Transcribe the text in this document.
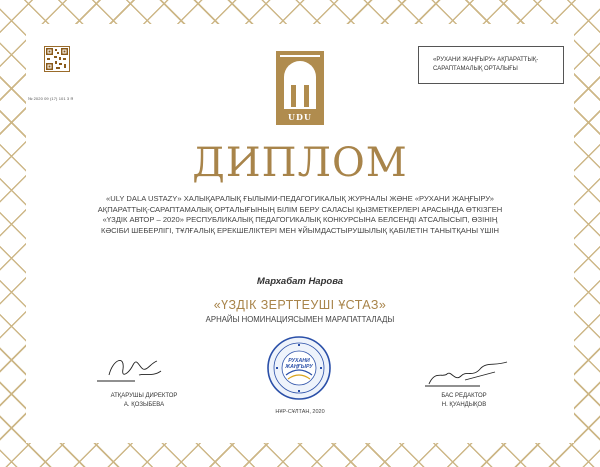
№ 2020 09 (17) 101 3 Я
UDU
«РУХАНИ ЖАҢҒЫРУ» АҚПАРАТТЫҚ-САРАПТАМАЛЫҚ ОРТАЛЫҒЫ
ДИПЛОМ
«ULY DALA USTAZY» ХАЛЫҚАРАЛЫҚ ҒЫЛЫМИ-ПЕДАГОГИКАЛЫҚ ЖУРНАЛЫ ЖӘНЕ «РУХАНИ ЖАҢҒЫРУ» АҚПАРАТТЫҚ-САРАПТАМАЛЫҚ ОРТАЛЫҒЫНЫҢ БІЛІМ БЕРУ САЛАСЫ ҚЫЗМЕТКЕРЛЕРІ АРАСЫНДА ӨТКІЗГЕН «ҮЗДІК АВТОР – 2020» РЕСПУБЛИКАЛЫҚ ПЕДАГОГИКАЛЫҚ КОНКУРСЫНА БЕЛСЕНДІ АТСАЛЫСЫП, ӨЗІНІҢ КӘСІБИ ШЕБЕРЛІГІ, ТҰЛҒАЛЫҚ ЕРЕКШЕЛІКТЕРІ МЕН ҰЙЫМДАСТЫРУШЫЛЫҚ ҚАБІЛЕТІН ТАНЫТҚАНЫ ҮШІН
Мархабат Нарова
«ҮЗДІК ЗЕРТТЕУШІ ҰСТАЗ»
АРНАЙЫ НОМИНАЦИЯСЫМЕН МАРАПАТТАЛАДЫ
РУХАНИ ЖАҢҒЫРУ
НҰР-СҰЛТАН, 2020
АТҚАРУШЫ ДИРЕКТОР
А. ҚОЗЫБЕВА
БАС РЕДАКТОР
Н. ҚУАНДЫҚОВ
